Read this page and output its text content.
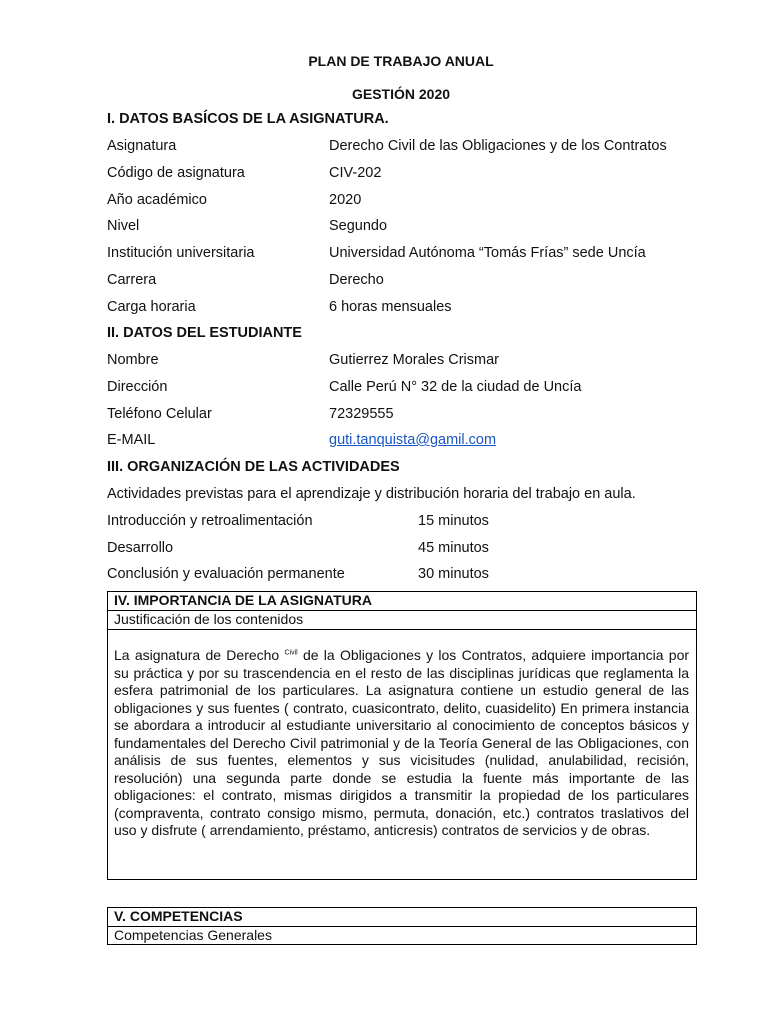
PLAN DE TRABAJO ANUAL
GESTIÓN 2020
I. DATOS BASÍCOS DE LA ASIGNATURA.
Asignatura	Derecho Civil de las Obligaciones y de los Contratos
Código de asignatura	CIV-202
Año académico	2020
Nivel	Segundo
Institución universitaria	Universidad Autónoma “Tomás Frías” sede Uncía
Carrera	Derecho
Carga horaria	6 horas mensuales
II. DATOS DEL ESTUDIANTE
Nombre	Gutierrez Morales Crismar
Dirección	Calle Perú N° 32 de la ciudad de Uncía
Teléfono Celular	72329555
E-MAIL	guti.tanquista@gamil.com
III. ORGANIZACIÓN DE LAS ACTIVIDADES
Actividades previstas para el aprendizaje y distribución horaria del trabajo en aula.
Introducción y retroalimentación	15 minutos
Desarrollo	45 minutos
Conclusión y evaluación permanente	30 minutos
IV. IMPORTANCIA DE LA ASIGNATURA
Justificación de los contenidos
La asignatura de Derecho $^{Civil}$ de la Obligaciones y los Contratos, adquiere importancia por su práctica y por su trascendencia en el resto de las disciplinas jurídicas que reglamenta la esfera patrimonial de los particulares. La asignatura contiene un estudio general de las obligaciones y sus fuentes ( contrato, cuasicontrato, delito, cuasidelito) En primera instancia se abordara a introducir al estudiante universitario al conocimiento de conceptos básicos y fundamentales del Derecho Civil patrimonial y de la Teoría General de las Obligaciones, con análisis de sus fuentes, elementos y sus vicisitudes (nulidad, anulabilidad, recisión, resolución) una segunda parte donde se estudia la fuente más importante de las obligaciones: el contrato, mismas dirigidos a transmitir la propiedad de los particulares (compraventa, contrato consigo mismo, permuta, donación, etc.) contratos traslativos del uso y disfrute ( arrendamiento, préstamo, anticresis) contratos de servicios y de obras.
V. COMPETENCIAS
Competencias Generales
